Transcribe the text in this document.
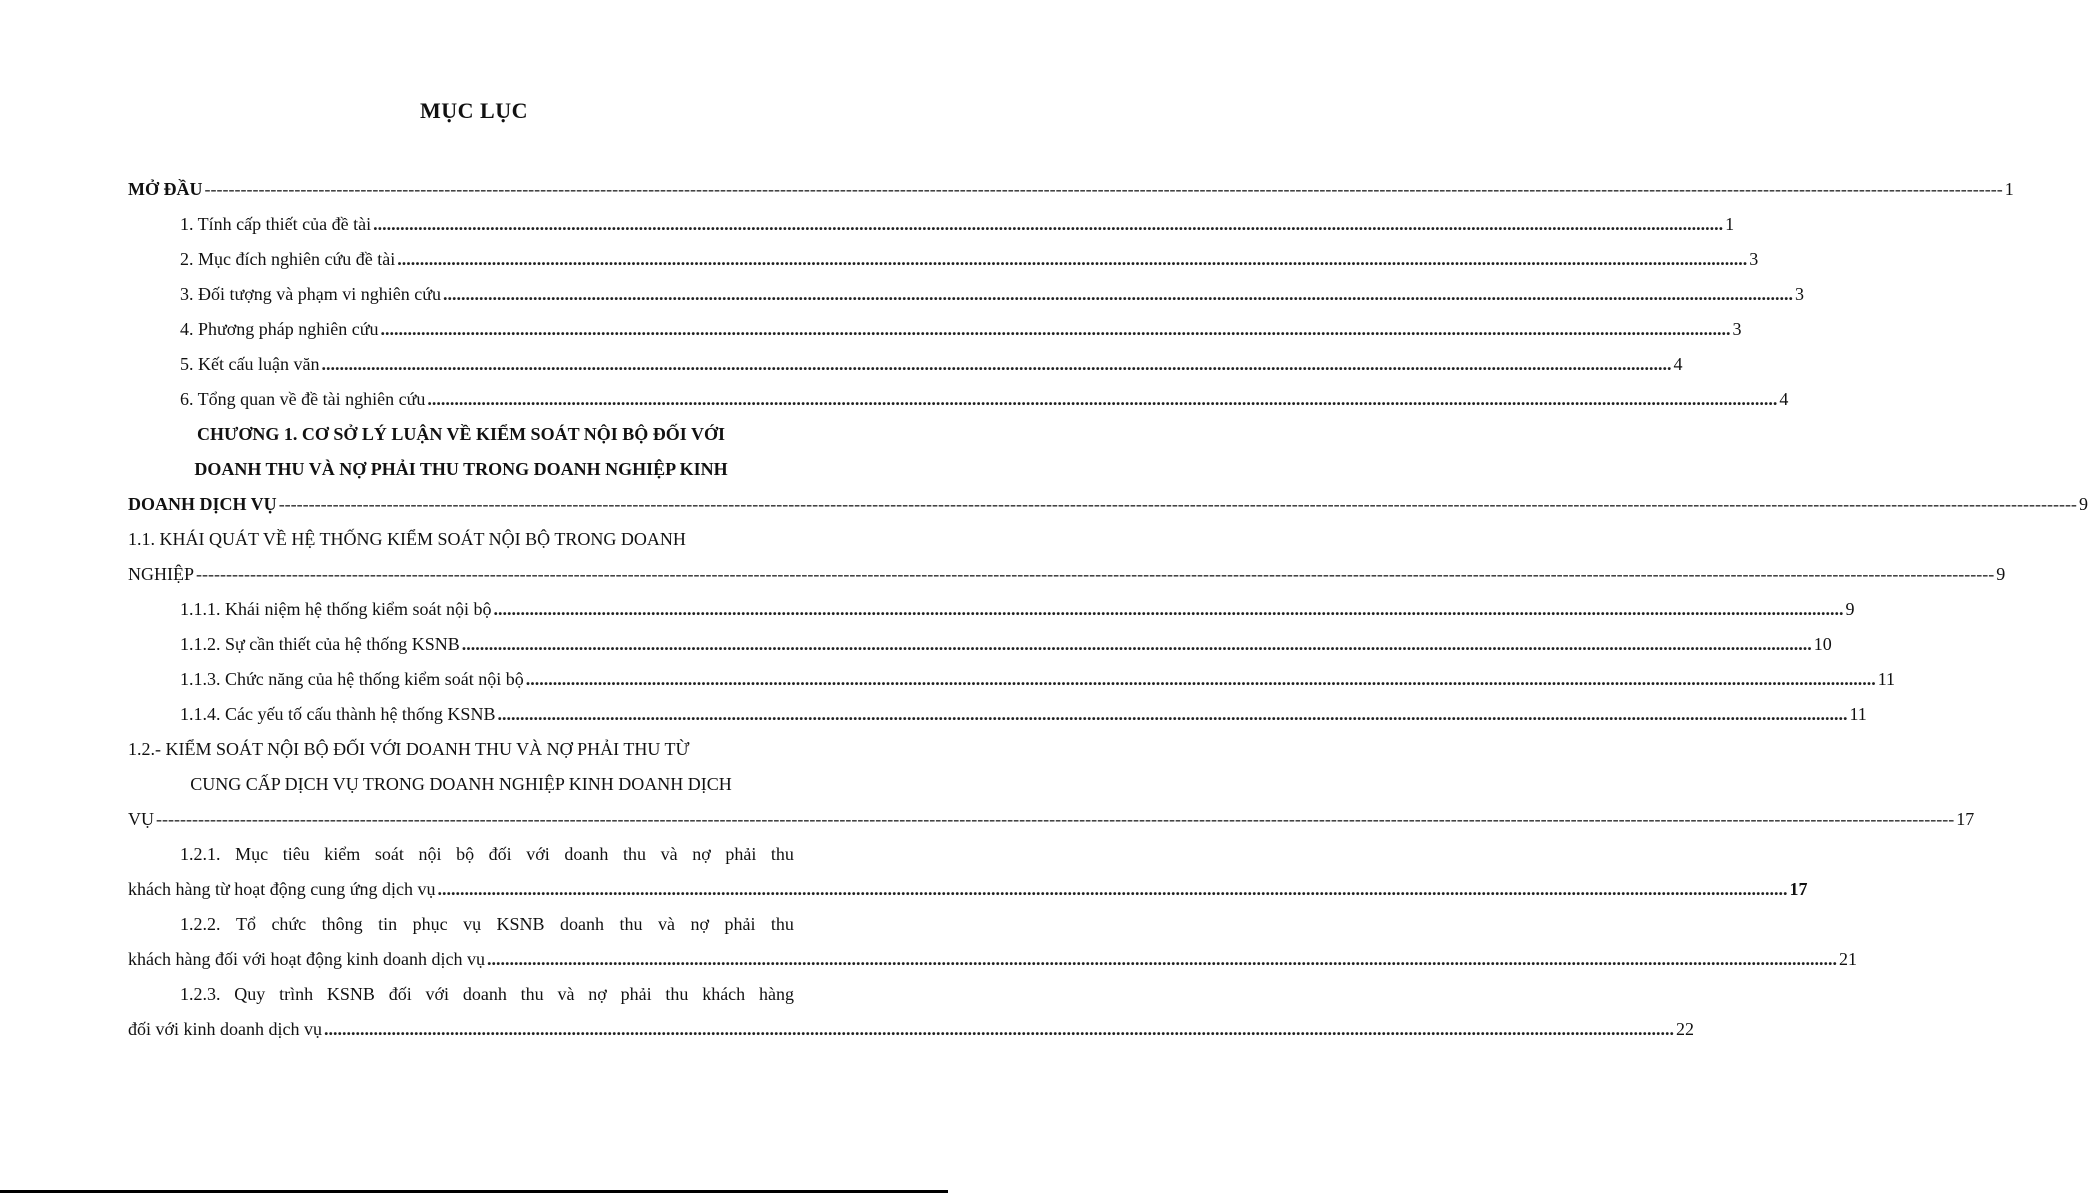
MỤC LỤC
MỞ ĐẦU ------------------------------------------------------------------------------------------------------------------------------------------------------------------------------------------------------------------------------------------------------------------------------------------------------------ 1
1. Tính cấp thiết của đề tài ............................................................................................................................................................................................................................................................................................................ 1
2. Mục đích nghiên cứu đề tài ............................................................................................................................................................................................................................................................................................................ 3
3. Đối tượng và phạm vi nghiên cứu ............................................................................................................................................................................................................................................................................................................ 3
4. Phương pháp nghiên cứu ............................................................................................................................................................................................................................................................................................................ 3
5. Kết cấu luận văn ............................................................................................................................................................................................................................................................................................................ 4
6. Tổng quan về đề tài nghiên cứu ............................................................................................................................................................................................................................................................................................................ 4
CHƯƠNG 1. CƠ SỞ LÝ LUẬN VỀ KIỂM SOÁT NỘI BỘ ĐỐI VỚI
DOANH THU VÀ NỢ PHẢI THU TRONG DOANH NGHIỆP KINH
DOANH DỊCH VỤ ------------------------------------------------------------------------------------------------------------------------------------------------------------------------------------------------------------------------------------------------------------------------------------------------------------ 9
1.1. KHÁI QUÁT VỀ HỆ THỐNG KIỂM SOÁT NỘI BỘ TRONG DOANH
NGHIỆP ------------------------------------------------------------------------------------------------------------------------------------------------------------------------------------------------------------------------------------------------------------------------------------------------------------ 9
1.1.1. Khái niệm hệ thống kiểm soát nội bộ ............................................................................................................................................................................................................................................................................................................ 9
1.1.2. Sự cần thiết của hệ thống KSNB ............................................................................................................................................................................................................................................................................................................ 10
1.1.3. Chức năng của hệ thống kiểm soát nội bộ ............................................................................................................................................................................................................................................................................................................ 11
1.1.4. Các yếu tố cấu thành hệ thống KSNB ............................................................................................................................................................................................................................................................................................................ 11
1.2.- KIỂM SOÁT NỘI BỘ ĐỐI VỚI DOANH THU VÀ NỢ PHẢI THU TỪ
CUNG CẤP DỊCH VỤ TRONG DOANH NGHIỆP KINH DOANH DỊCH
VỤ ------------------------------------------------------------------------------------------------------------------------------------------------------------------------------------------------------------------------------------------------------------------------------------------------------------ 17
1.2.1. Mục tiêu kiểm soát nội bộ đối với doanh thu và nợ phải thu
khách hàng từ hoạt động cung ứng dịch vụ ............................................................................................................................................................................................................................................................................................................ 17
1.2.2. Tổ chức thông tin phục vụ KSNB doanh thu và nợ phải thu
khách hàng đối với hoạt động kinh doanh dịch vụ ............................................................................................................................................................................................................................................................................................................ 21
1.2.3. Quy trình KSNB đối với doanh thu và nợ phải thu khách hàng
đối với kinh doanh dịch vụ ............................................................................................................................................................................................................................................................................................................ 22
